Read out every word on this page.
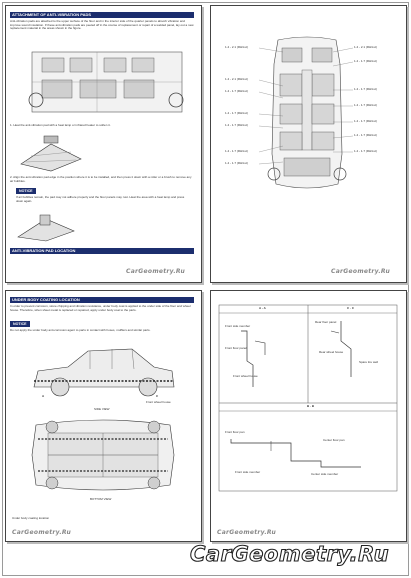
ATTACHMENT OF ANTI-VIBRATION PADS
Anti-vibration pads are attached to the upper surface of the floor and in the interior side of the quarter panels to absorb vibration and improve sound insulation. If these anti-vibration pads are peeled off in the course of replacement or repair of a welded panel, lay out a new replacement material in the areas shown in the figure.
1. Heat the anti-vibration pad with a heat lamp or infrared heater to soften it.
2. Align the anti-vibration pad edge in the position where it is to be installed, and then press it down with a roller or a brush to remove any air bubbles.
NOTICE
If air bubbles remain, the pad may not adhere properly and the floor panels may rust. Heat the area with a heat lamp and press down again.
ANTI-VIBRATION PAD LOCATION
CarGeometry.Ru
1.4 - 2.1 (RH/LH)
1.4 - 2.1 (RH/LH)
1.4 - 1.7 (RH/LH)
1.4 - 1.7 (RH/LH)
1.4 - 1.7 (RH/LH)
1.4 - 1.7 (RH/LH)
1.4 - 1.7 (RH/LH)
1.4 - 2.1 (RH/LH)
1.4 - 1.7 (RH/LH)
1.4 - 1.7 (RH/LH)
1.4 - 1.7 (RH/LH)
1.4 - 1.7 (RH/LH)
1.4 - 1.7 (RH/LH)
1.4 - 1.7 (RH/LH)
CarGeometry.Ru
UNDER BODY COATING LOCATION
In order to prevent corrosion, stone chipping and vibration resistance, under body coat is applied to the under side of the floor and wheel house. Therefore, when sheet metal is replaced or repaired, apply under body coat to the parts.
NOTICE
Do not apply the under body anti-corrosion agent to parts in contact with hoses, mufflers and similar parts.
A	C
Front wheel house
SIDE VIEW
BOTTOM VIEW
Under body coating location
CarGeometry.Ru
A - A	C - C
B - B
Front side member
Front floor panel
Front wheel house
Rear floor panel
Rear wheel house
Spare tire well
Front floor pan
Center floor pan
Front side member	Center side member
CarGeometry.Ru
CarGeometry.Ru
